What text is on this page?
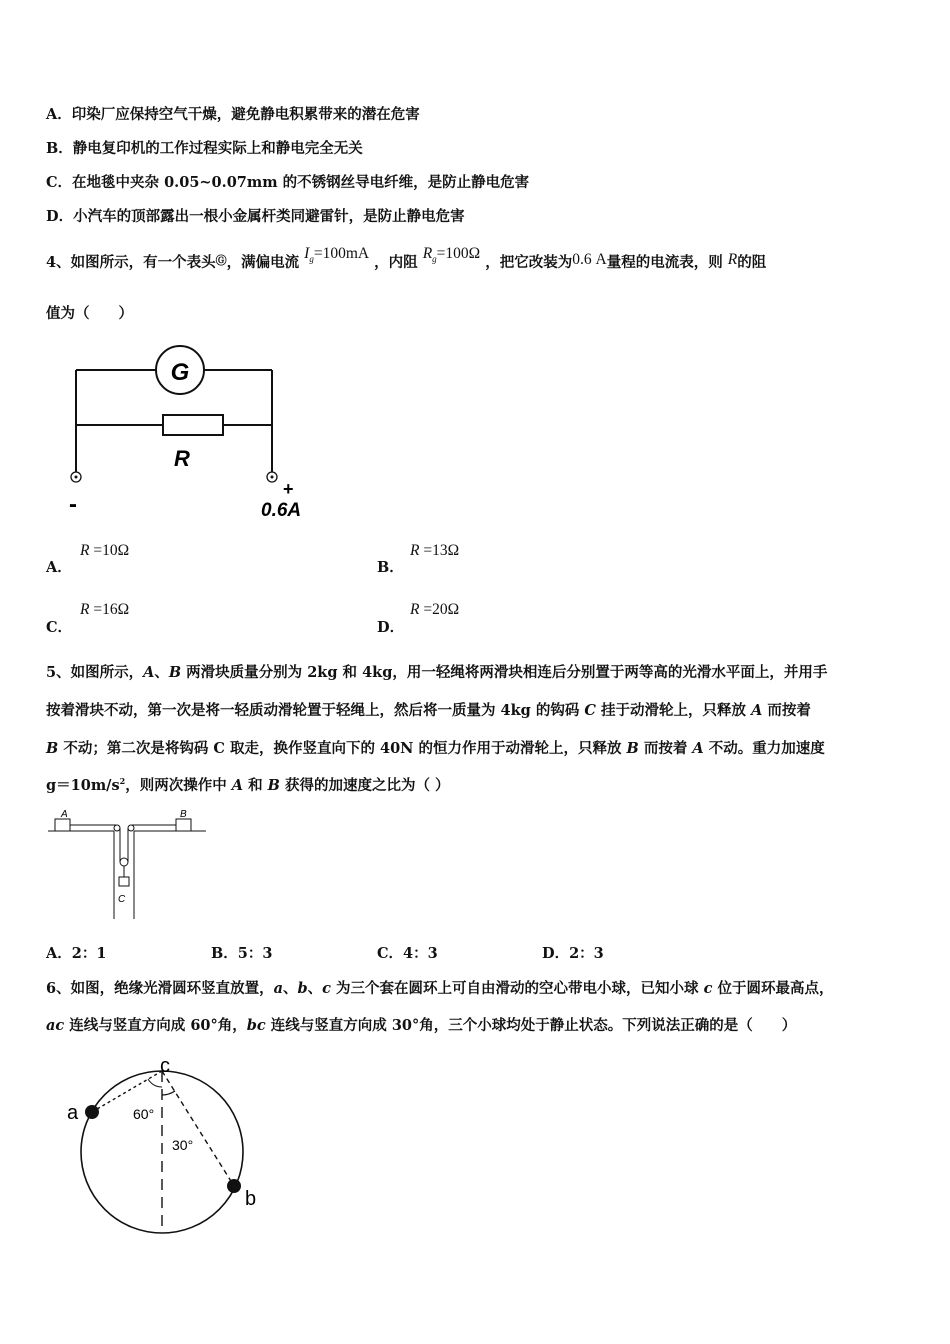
A．印染厂应保持空气干燥，避免静电积累带来的潜在危害
B．静电复印机的工作过程实际上和静电完全无关
C．在地毯中夹杂 0.05~0.07mm 的不锈钢丝导电纤维，是防止静电危害
D．小汽车的顶部露出一根小金属杆类同避雷针，是防止静电危害
4、如图所示，有一个表头Ⓖ，满偏电流 $I_g=100mA$ ，内阻 $R_g=100\Omega$ ，把它改装为0.6 A量程的电流表，则 R的阻
值为（　　）
G
R
-
+
0.6A
A．
R =10Ω
B．
R =13Ω
C．
R =16Ω
D．
R =20Ω
5、如图所示，A、B 两滑块质量分别为 2kg 和 4kg，用一轻绳将两滑块相连后分别置于两等高的光滑水平面上，并用手
按着滑块不动，第一次是将一轻质动滑轮置于轻绳上，然后将一质量为 4kg 的钩码 C 挂于动滑轮上，只释放 A 而按着
B 不动；第二次是将钩码 C 取走，换作竖直向下的 40N 的恒力作用于动滑轮上，只释放 B 而按着 A 不动。重力加速度
$g=10m/s^2$，则两次操作中 A 和 B 获得的加速度之比为（ ）
A	B
C
A．2：1	B．5：3	C．4：3	D．2：3
6、如图，绝缘光滑圆环竖直放置，a、b、c 为三个套在圆环上可自由滑动的空心带电小球，已知小球 c 位于圆环最高点，
ac 连线与竖直方向成 60°角，bc 连线与竖直方向成 30°角，三个小球均处于静止状态。下列说法正确的是（　　）
a
b
c
60°
30°
